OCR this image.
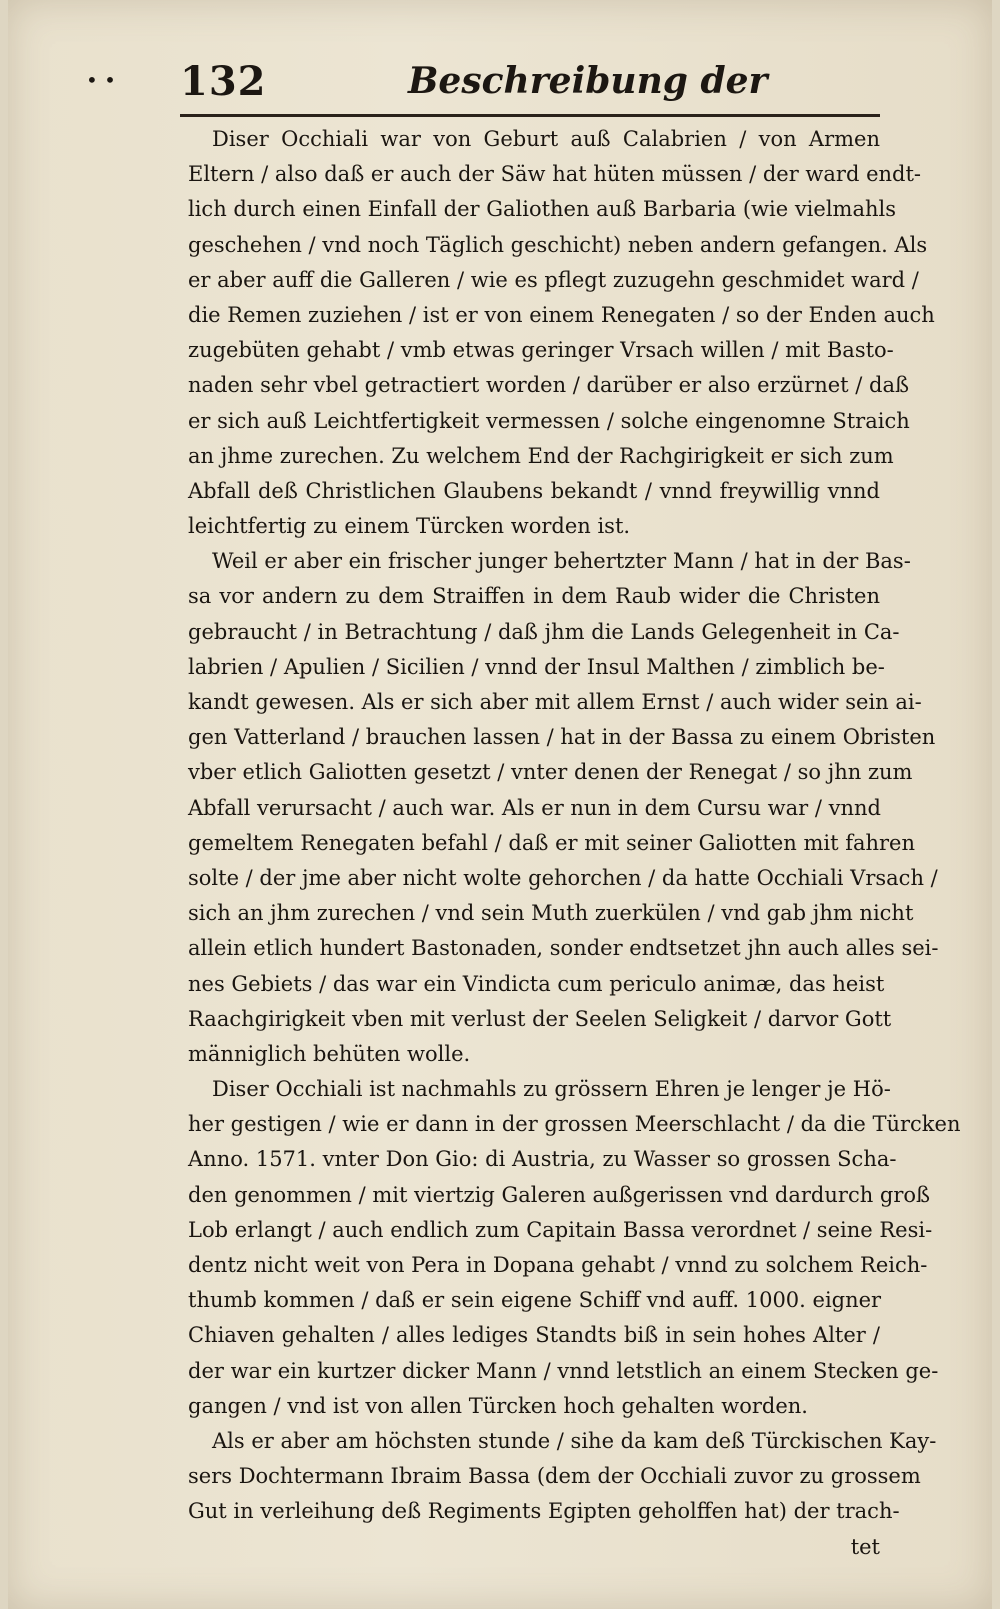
• • 132	Beschreibung der
Diser Occhiali war von Geburt auß Calabrien / von Armen
Eltern / also daß er auch der Säw hat hüten müssen / der ward endt-
lich durch einen Einfall der Galiothen auß Barbaria (wie vielmahls
geschehen / vnd noch Täglich geschicht) neben andern gefangen. Als
er aber auff die Galleren / wie es pflegt zuzugehn geschmidet ward /
die Remen zuziehen / ist er von einem Renegaten / so der Enden auch
zugebüten gehabt / vmb etwas geringer Vrsach willen / mit Basto-
naden sehr vbel getractiert worden / darüber er also erzürnet / daß
er sich auß Leichtfertigkeit vermessen / solche eingenomne Straich
an jhme zurechen. Zu welchem End der Rachgirigkeit er sich zum
Abfall deß Christlichen Glaubens bekandt / vnnd freywillig vnnd
leichtfertig zu einem Türcken worden ist.
Weil er aber ein frischer junger behertzter Mann / hat in der Bas-
sa vor andern zu dem Straiffen in dem Raub wider die Christen
gebraucht / in Betrachtung / daß jhm die Lands Gelegenheit in Ca-
labrien / Apulien / Sicilien / vnnd der Insul Malthen / zimblich be-
kandt gewesen. Als er sich aber mit allem Ernst / auch wider sein ai-
gen Vatterland / brauchen lassen / hat in der Bassa zu einem Obristen
vber etlich Galiotten gesetzt / vnter denen der Renegat / so jhn zum
Abfall verursacht / auch war. Als er nun in dem Cursu war / vnnd
gemeltem Renegaten befahl / daß er mit seiner Galiotten mit fahren
solte / der jme aber nicht wolte gehorchen / da hatte Occhiali Vrsach /
sich an jhm zurechen / vnd sein Muth zuerkülen / vnd gab jhm nicht
allein etlich hundert Bastonaden, sonder endtsetzet jhn auch alles sei-
nes Gebiets / das war ein Vindicta cum periculo animæ, das heist
Raachgirigkeit vben mit verlust der Seelen Seligkeit / darvor Gott
männiglich behüten wolle.
Diser Occhiali ist nachmahls zu grössern Ehren je lenger je Hö-
her gestigen / wie er dann in der grossen Meerschlacht / da die Türcken
Anno. 1571. vnter Don Gio: di Austria, zu Wasser so grossen Scha-
den genommen / mit viertzig Galeren außgerissen vnd dardurch groß
Lob erlangt / auch endlich zum Capitain Bassa verordnet / seine Resi-
dentz nicht weit von Pera in Dopana gehabt / vnnd zu solchem Reich-
thumb kommen / daß er sein eigene Schiff vnd auff. 1000. eigner
Chiaven gehalten / alles lediges Standts biß in sein hohes Alter /
der war ein kurtzer dicker Mann / vnnd letstlich an einem Stecken ge-
gangen / vnd ist von allen Türcken hoch gehalten worden.
Als er aber am höchsten stunde / sihe da kam deß Türckischen Kay-
sers Dochtermann Ibraim Bassa (dem der Occhiali zuvor zu grossem
Gut in verleihung deß Regiments Egipten geholffen hat) der trach-
tet
